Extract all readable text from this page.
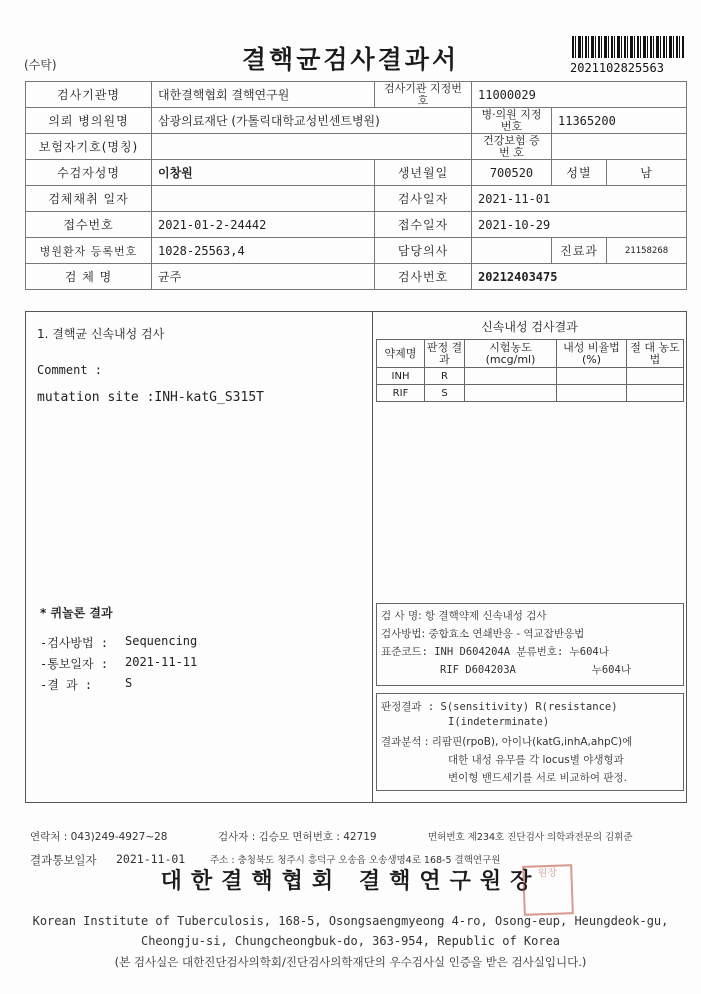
(수탁)	결핵균검사결과서	2021102825563
검사기관명	대한결핵협회 결핵연구원	검사기관 지정번호	11000029		
의뢰 병의원명	삼광의료재단 (가톨릭대학교성빈센트병원)		병·의원 지정번호	11365200	
보험자기호(명칭)			건강보험 증 번 호		
수검자성명	이창원	생년월일	700520	성별	남
검체채취 일자		검사일자	2021-11-01		
접수번호	2021-01-2-24442	접수일자	2021-10-29		
병원환자 등록번호	1028-25563,4	담당의사		진료과	21158268
검 체 명	균주	검사번호	20212403475		
1. 결핵균 신속내성 검사
Comment :
mutation site :INH-katG_S315T
신속내성 검사결과
약제명	판정 결과	시험농도 (mcg/ml)	내성 비율법(%)	절 대 농도법
INH	R			
RIF	S			
* 퀴놀론 결과
-검사방법 : Sequencing
-통보일자 : 2021-11-11
-결 과 :	S
검 사 명: 항 결핵약제 신속내성 검사
검사방법: 중합효소 연쇄반응 - 역교잡반응법
표준코드: INH D604204A 분류번호: 누604나
RIF D604203A            누604나
판정결과 : S(sensitivity) R(resistance)
I(indeterminate)
결과분석 : 리팜핀(rpoB), 아이나(katG,inhA,ahpC)에
대한 내성 유무를 각 locus별 야생형과
변이형 밴드세기를 서로 비교하여 판정.
연락처 : 043)249-4927~28	검사자 : 김승모 면허번호 : 42719	면허번호 제234호 진단검사 의학과전문의 김휘준
결과통보일자 2021-11-01	주소 : 충청북도 청주시 흥덕구 오송읍 오송생명4로 168-5 결핵연구원
대한결핵협회 결핵연구원장
원장
Korean Institute of Tuberculosis, 168-5, Osongsaengmyeong 4-ro, Osong-eup, Heungdeok-gu,
Cheongju-si, Chungcheongbuk-do, 363-954, Republic of Korea
(본 검사실은 대한진단검사의학회/진단검사의학재단의 우수검사실 인증을 받은 검사실입니다.)
